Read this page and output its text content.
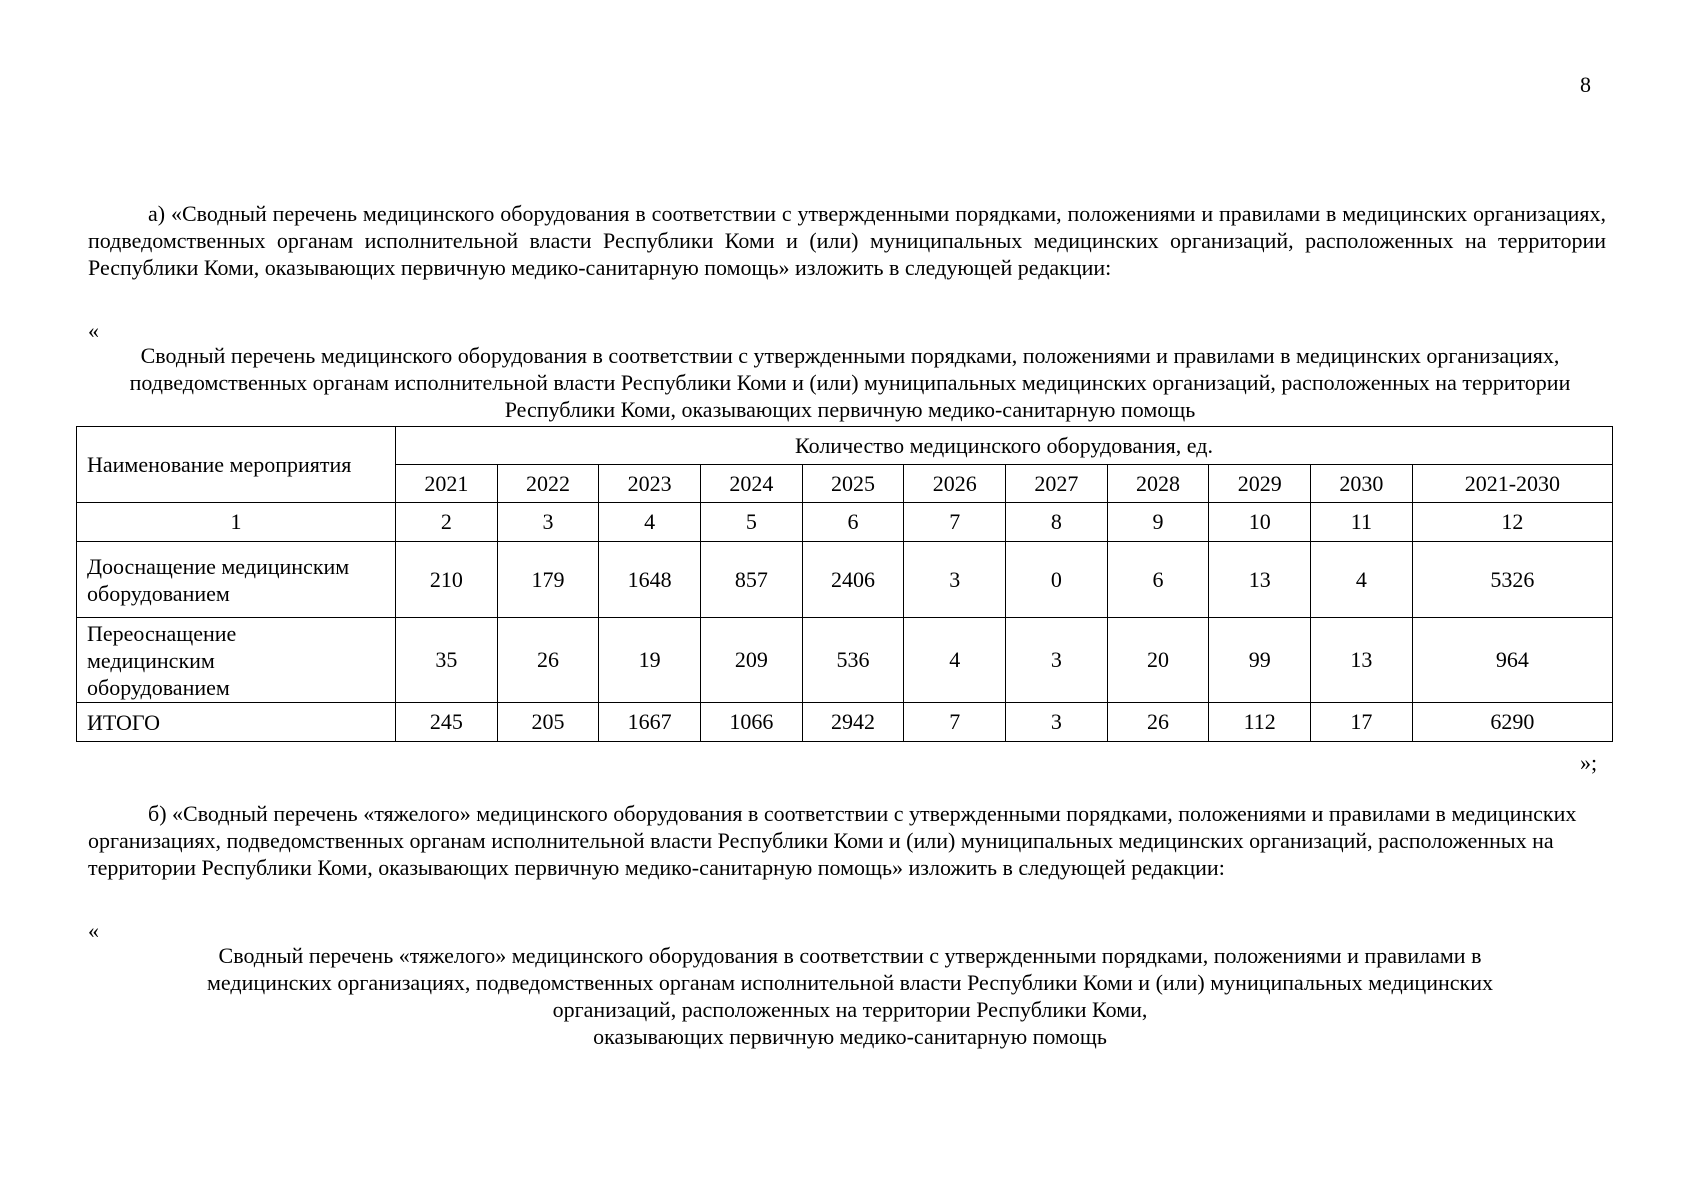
8

а) «Сводный перечень медицинского оборудования в соответствии с утвержденными порядками, положениями и правилами в медицинских организациях, подведомственных органам исполнительной власти Республики Коми и (или) муниципальных медицинских организаций, расположенных на территории Республики Коми, оказывающих первичную медико-санитарную помощь» изложить в следующей редакции:

«

Сводный перечень медицинского оборудования в соответствии с утвержденными порядками, положениями и правилами в медицинских организациях, подведомственных органам исполнительной власти Республики Коми и (или) муниципальных медицинских организаций, расположенных на территории Республики Коми, оказывающих первичную медико-санитарную помощь

Наименование мероприятия	Количество медицинского оборудования, ед.										
	2021	2022	2023	2024	2025	2026	2027	2028	2029	2030	2021-2030
1	2	3	4	5	6	7	8	9	10	11	12
Дооснащение медицинским
оборудованием	210	179	1648	857	2406	3	0	6	13	4	5326
Переоснащение
медицинским
оборудованием	35	26	19	209	536	4	3	20	99	13	964
ИТОГО	245	205	1667	1066	2942	7	3	26	112	17	6290
»;

б) «Сводный перечень «тяжелого» медицинского оборудования в соответствии с утвержденными порядками, положениями и правилами в медицинских организациях, подведомственных органам исполнительной власти Республики Коми и (или) муниципальных медицинских организаций, расположенных на территории Республики Коми, оказывающих первичную медико-санитарную помощь» изложить в следующей редакции:

«

Сводный перечень «тяжелого» медицинского оборудования в соответствии с утвержденными порядками, положениями и правилами в
медицинских организациях, подведомственных органам исполнительной власти Республики Коми и (или) муниципальных медицинских
организаций, расположенных на территории Республики Коми,
оказывающих первичную медико-санитарную помощь
